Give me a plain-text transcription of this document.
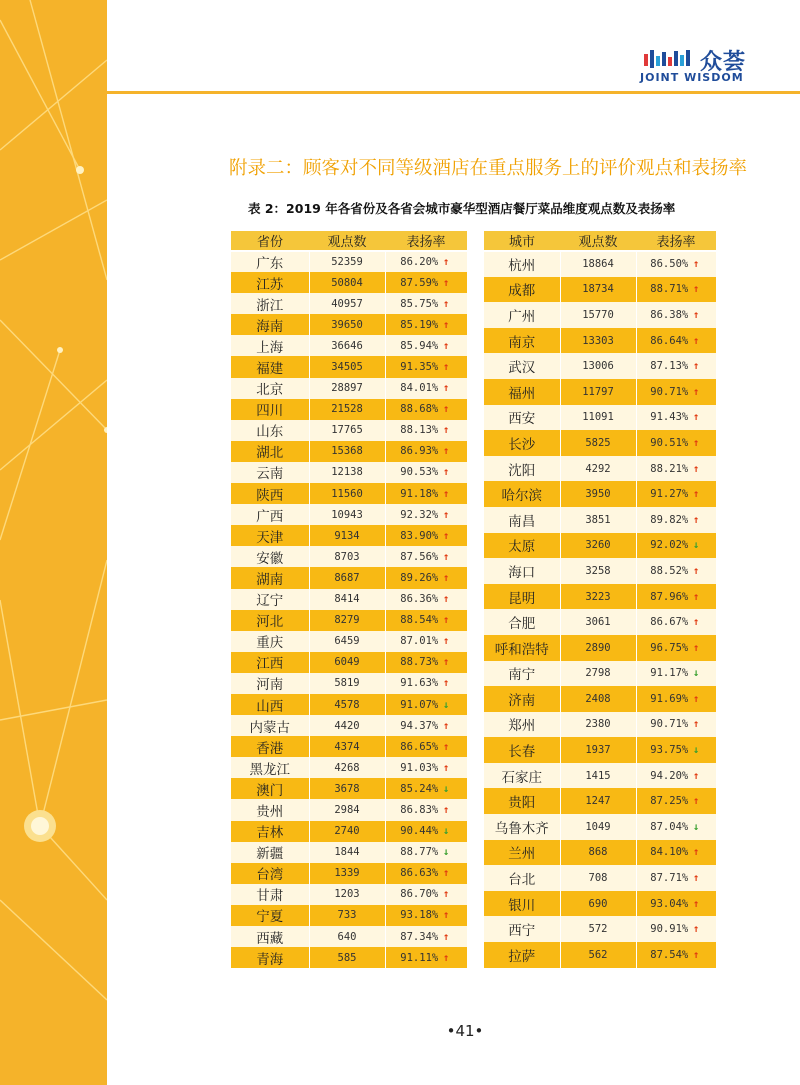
众荟
JOINT WISDOM
附录二：顾客对不同等级酒店在重点服务上的评价观点和表扬率
表 2：2019 年各省份及各省会城市豪华型酒店餐厅菜品维度观点数及表扬率
省份	观点数	表扬率
广东	52359	86.20% ↑
江苏	50804	87.59% ↑
浙江	40957	85.75% ↑
海南	39650	85.19% ↑
上海	36646	85.94% ↑
福建	34505	91.35% ↑
北京	28897	84.01% ↑
四川	21528	88.68% ↑
山东	17765	88.13% ↑
湖北	15368	86.93% ↑
云南	12138	90.53% ↑
陕西	11560	91.18% ↑
广西	10943	92.32% ↑
天津	9134	83.90% ↑
安徽	8703	87.56% ↑
湖南	8687	89.26% ↑
辽宁	8414	86.36% ↑
河北	8279	88.54% ↑
重庆	6459	87.01% ↑
江西	6049	88.73% ↑
河南	5819	91.63% ↑
山西	4578	91.07% ↓
内蒙古	4420	94.37% ↑
香港	4374	86.65% ↑
黑龙江	4268	91.03% ↑
澳门	3678	85.24% ↓
贵州	2984	86.83% ↑
吉林	2740	90.44% ↓
新疆	1844	88.77% ↓
台湾	1339	86.63% ↑
甘肃	1203	86.70% ↑
宁夏	733	93.18% ↑
西藏	640	87.34% ↑
青海	585	91.11% ↑
城市	观点数	表扬率
杭州	18864	86.50% ↑
成都	18734	88.71% ↑
广州	15770	86.38% ↑
南京	13303	86.64% ↑
武汉	13006	87.13% ↑
福州	11797	90.71% ↑
西安	11091	91.43% ↑
长沙	5825	90.51% ↑
沈阳	4292	88.21% ↑
哈尔滨	3950	91.27% ↑
南昌	3851	89.82% ↑
太原	3260	92.02% ↓
海口	3258	88.52% ↑
昆明	3223	87.96% ↑
合肥	3061	86.67% ↑
呼和浩特	2890	96.75% ↑
南宁	2798	91.17% ↓
济南	2408	91.69% ↑
郑州	2380	90.71% ↑
长春	1937	93.75% ↓
石家庄	1415	94.20% ↑
贵阳	1247	87.25% ↑
乌鲁木齐	1049	87.04% ↓
兰州	868	84.10% ↑
台北	708	87.71% ↑
银川	690	93.04% ↑
西宁	572	90.91% ↑
拉萨	562	87.54% ↑
•41•
